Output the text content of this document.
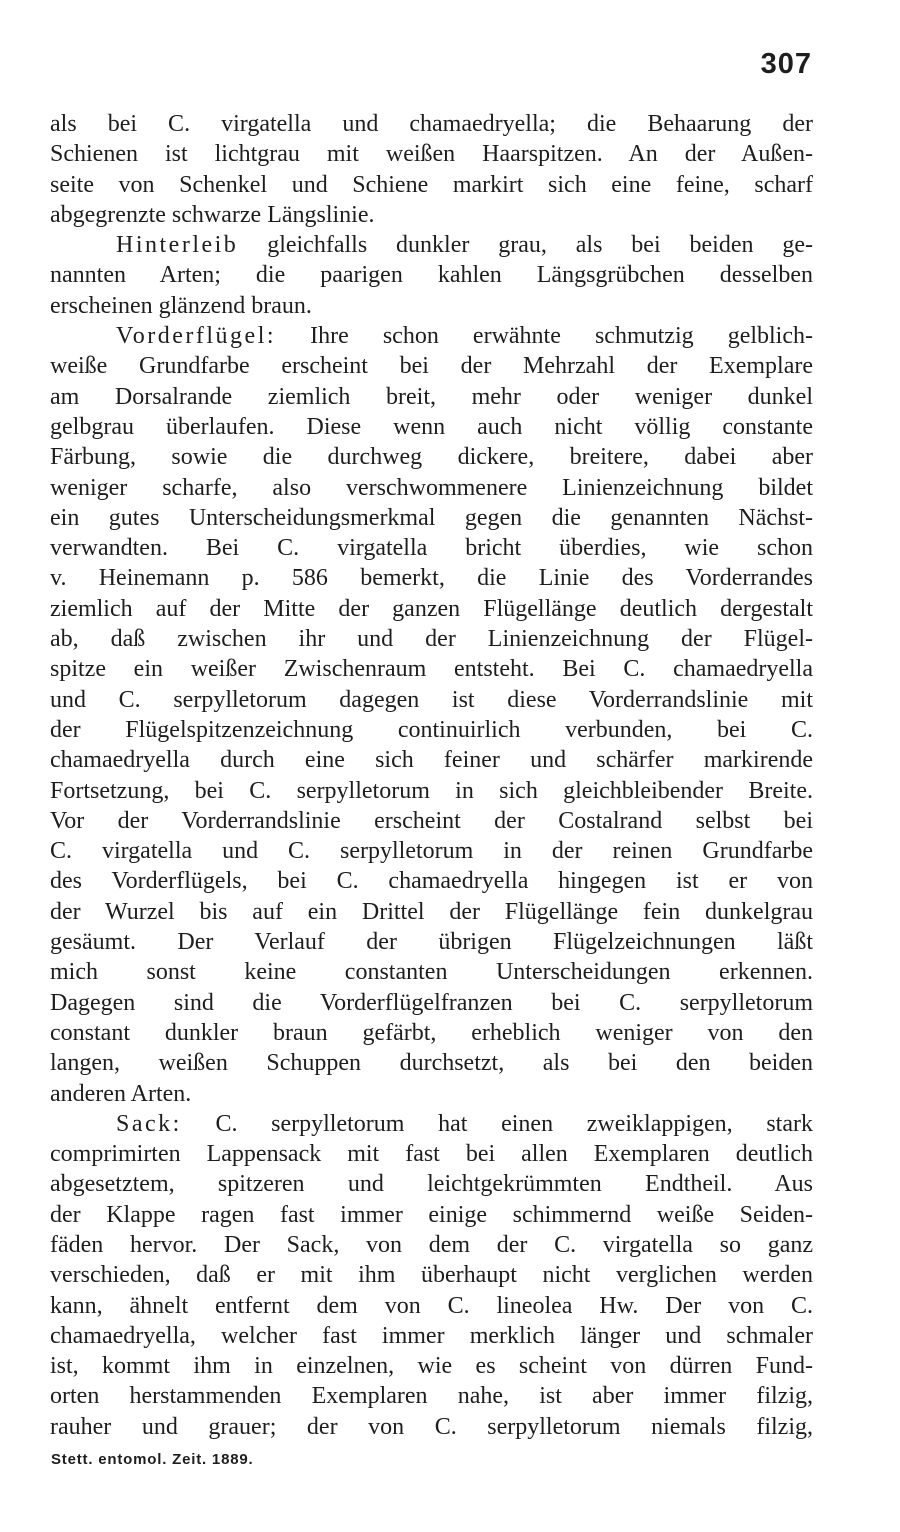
307
als bei C. virgatella und chamaedryella; die Behaarung der
Schienen ist lichtgrau mit weißen Haarspitzen. An der Außen-
seite von Schenkel und Schiene markirt sich eine feine, scharf
abgegrenzte schwarze Längslinie.
Hinterleib gleichfalls dunkler grau, als bei beiden ge-
nannten Arten; die paarigen kahlen Längsgrübchen desselben
erscheinen glänzend braun.
Vorderflügel: Ihre schon erwähnte schmutzig gelblich-
weiße Grundfarbe erscheint bei der Mehrzahl der Exemplare
am Dorsalrande ziemlich breit, mehr oder weniger dunkel
gelbgrau überlaufen. Diese wenn auch nicht völlig constante
Färbung, sowie die durchweg dickere, breitere, dabei aber
weniger scharfe, also verschwommenere Linienzeichnung bildet
ein gutes Unterscheidungsmerkmal gegen die genannten Nächst-
verwandten. Bei C. virgatella bricht überdies, wie schon
v. Heinemann p. 586 bemerkt, die Linie des Vorderrandes
ziemlich auf der Mitte der ganzen Flügellänge deutlich dergestalt
ab, daß zwischen ihr und der Linienzeichnung der Flügel-
spitze ein weißer Zwischenraum entsteht. Bei C. chamaedryella
und C. serpylletorum dagegen ist diese Vorderrandslinie mit
der Flügelspitzenzeichnung continuirlich verbunden, bei C.
chamaedryella durch eine sich feiner und schärfer markirende
Fortsetzung, bei C. serpylletorum in sich gleichbleibender Breite.
Vor der Vorderrandslinie erscheint der Costalrand selbst bei
C. virgatella und C. serpylletorum in der reinen Grundfarbe
des Vorderflügels, bei C. chamaedryella hingegen ist er von
der Wurzel bis auf ein Drittel der Flügellänge fein dunkelgrau
gesäumt. Der Verlauf der übrigen Flügelzeichnungen läßt
mich sonst keine constanten Unterscheidungen erkennen.
Dagegen sind die Vorderflügelfranzen bei C. serpylletorum
constant dunkler braun gefärbt, erheblich weniger von den
langen, weißen Schuppen durchsetzt, als bei den beiden
anderen Arten.
Sack: C. serpylletorum hat einen zweiklappigen, stark
comprimirten Lappensack mit fast bei allen Exemplaren deutlich
abgesetztem, spitzeren und leichtgekrümmten Endtheil. Aus
der Klappe ragen fast immer einige schimmernd weiße Seiden-
fäden hervor. Der Sack, von dem der C. virgatella so ganz
verschieden, daß er mit ihm überhaupt nicht verglichen werden
kann, ähnelt entfernt dem von C. lineolea Hw. Der von C.
chamaedryella, welcher fast immer merklich länger und schmaler
ist, kommt ihm in einzelnen, wie es scheint von dürren Fund-
orten herstammenden Exemplaren nahe, ist aber immer filzig,
rauher und grauer; der von C. serpylletorum niemals filzig,
Stett. entomol. Zeit. 1889.
